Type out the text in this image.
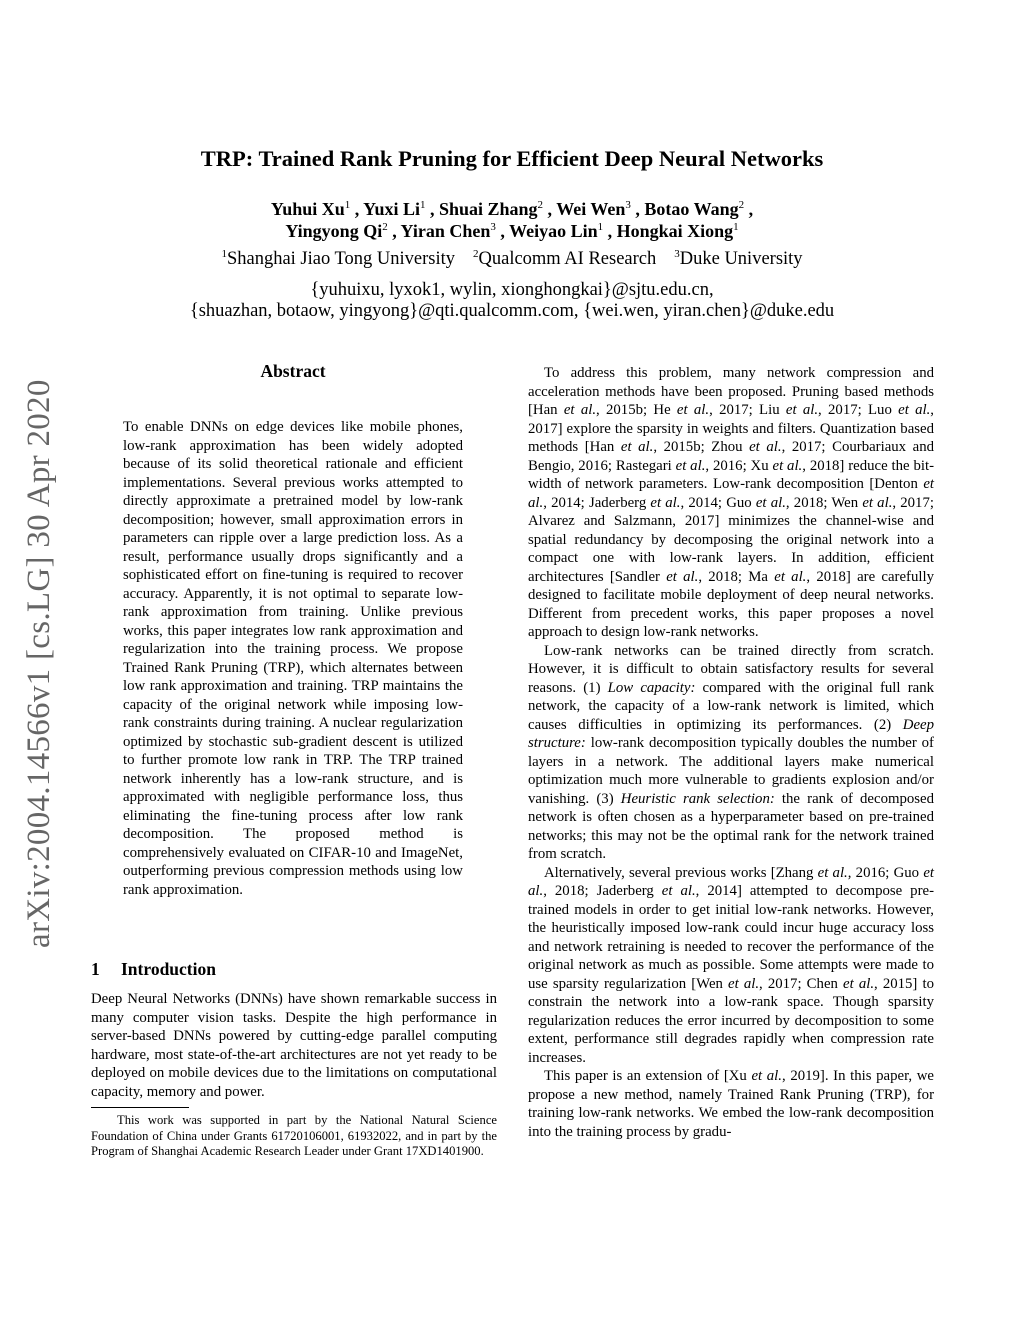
arXiv:2004.14566v1 [cs.LG] 30 Apr 2020
TRP: Trained Rank Pruning for Efficient Deep Neural Networks
Yuhui Xu$^1$ , Yuxi Li$^1$ , Shuai Zhang$^2$ , Wei Wen$^3$ , Botao Wang$^2$ ,
Yingyong Qi$^2$ , Yiran Chen$^3$ , Weiyao Lin$^1$ , Hongkai Xiong$^1$
$^1$Shanghai Jiao Tong University $^2$Qualcomm AI Research $^3$Duke University
{yuhuixu, lyxok1, wylin, xionghongkai}@sjtu.edu.cn,
{shuazhan, botaow, yingyong}@qti.qualcomm.com, {wei.wen, yiran.chen}@duke.edu
Abstract

To enable DNNs on edge devices like mobile phones, low-rank approximation has been widely adopted because of its solid theoretical rationale and efficient implementations. Several previous works attempted to directly approximate a pretrained model by low-rank decomposition; however, small approximation errors in parameters can ripple over a large prediction loss. As a result, performance usually drops significantly and a sophisticated effort on fine-tuning is required to recover accuracy. Apparently, it is not optimal to separate low-rank approximation from training. Unlike previous works, this paper integrates low rank approximation and regularization into the training process. We propose Trained Rank Pruning (TRP), which alternates between low rank approximation and training. TRP maintains the capacity of the original network while imposing low-rank constraints during training. A nuclear regularization optimized by stochastic sub-gradient descent is utilized to further promote low rank in TRP. The TRP trained network inherently has a low-rank structure, and is approximated with negligible performance loss, thus eliminating the fine-tuning process after low rank decomposition. The proposed method is comprehensively evaluated on CIFAR-10 and ImageNet, outperforming previous compression methods using low rank approximation.

1 Introduction

Deep Neural Networks (DNNs) have shown remarkable success in many computer vision tasks. Despite the high performance in server-based DNNs powered by cutting-edge parallel computing hardware, most state-of-the-art architectures are not yet ready to be deployed on mobile devices due to the limitations on computational capacity, memory and power.

This work was supported in part by the National Natural Science Foundation of China under Grants 61720106001, 61932022, and in part by the Program of Shanghai Academic Research Leader under Grant 17XD1401900.

To address this problem, many network compression and acceleration methods have been proposed. Pruning based methods [Han et al., 2015b; He et al., 2017; Liu et al., 2017; Luo et al., 2017] explore the sparsity in weights and filters. Quantization based methods [Han et al., 2015b; Zhou et al., 2017; Courbariaux and Bengio, 2016; Rastegari et al., 2016; Xu et al., 2018] reduce the bit-width of network parameters. Low-rank decomposition [Denton et al., 2014; Jaderberg et al., 2014; Guo et al., 2018; Wen et al., 2017; Alvarez and Salzmann, 2017] minimizes the channel-wise and spatial redundancy by decomposing the original network into a compact one with low-rank layers. In addition, efficient architectures [Sandler et al., 2018; Ma et al., 2018] are carefully designed to facilitate mobile deployment of deep neural networks. Different from precedent works, this paper proposes a novel approach to design low-rank networks.

Low-rank networks can be trained directly from scratch. However, it is difficult to obtain satisfactory results for several reasons. (1) Low capacity: compared with the original full rank network, the capacity of a low-rank network is limited, which causes difficulties in optimizing its performances. (2) Deep structure: low-rank decomposition typically doubles the number of layers in a network. The additional layers make numerical optimization much more vulnerable to gradients explosion and/or vanishing. (3) Heuristic rank selection: the rank of decomposed network is often chosen as a hyperparameter based on pre-trained networks; this may not be the optimal rank for the network trained from scratch.

Alternatively, several previous works [Zhang et al., 2016; Guo et al., 2018; Jaderberg et al., 2014] attempted to decompose pre-trained models in order to get initial low-rank networks. However, the heuristically imposed low-rank could incur huge accuracy loss and network retraining is needed to recover the performance of the original network as much as possible. Some attempts were made to use sparsity regularization [Wen et al., 2017; Chen et al., 2015] to constrain the network into a low-rank space. Though sparsity regularization reduces the error incurred by decomposition to some extent, performance still degrades rapidly when compression rate increases.

This paper is an extension of [Xu et al., 2019]. In this paper, we propose a new method, namely Trained Rank Pruning (TRP), for training low-rank networks. We embed the low-rank decomposition into the training process by gradu-
